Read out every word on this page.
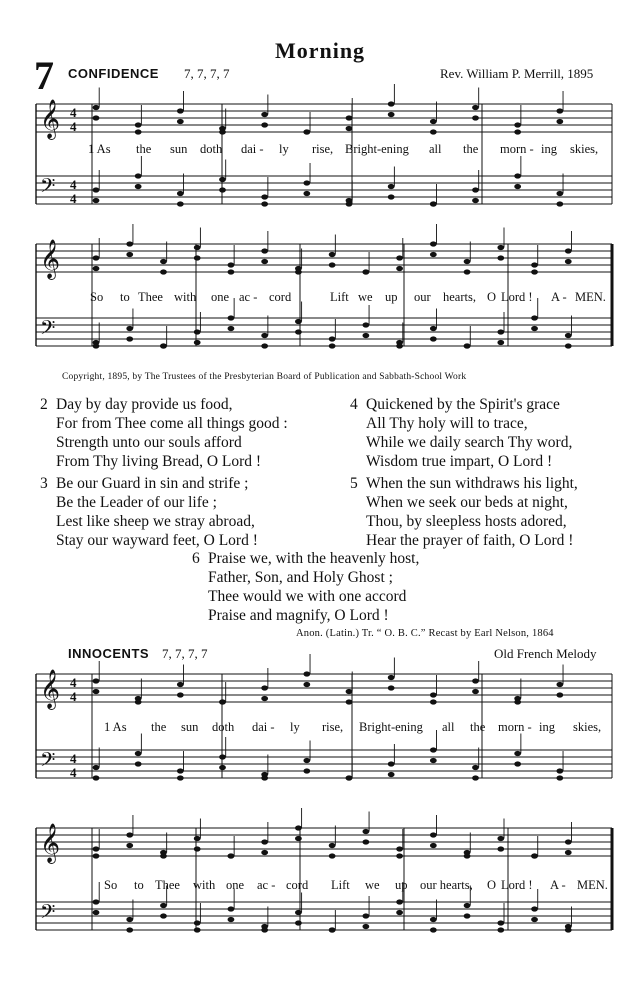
Morning
7 CONFIDENCE 7, 7, 7, 7	Rev. William P. Merrill, 1895
𝄞
𝄢
4
4
4
4
𝄞
𝄢
𝄞
𝄢
4
4
4
4
𝄞
𝄢
1 As the sun doth dai - ly rise, Bright-ening all the morn - ing skies,
So to Thee with one ac - cord	Lift we up our hearts, O Lord ! A - MEN.
Copyright, 1895, by The Trustees of the Presbyterian Board of Publication and Sabbath-School Work
2 Day by day provide us food,
For from Thee come all things good :
Strength unto our souls afford
From Thy living Bread, O Lord !
3 Be our Guard in sin and strife ;
Be the Leader of our life ;
Lest like sheep we stray abroad,
Stay our wayward feet, O Lord !
4 Quickened by the Spirit's grace
All Thy holy will to trace,
While we daily search Thy word,
Wisdom true impart, O Lord !
5 When the sun withdraws his light,
When we seek our beds at night,
Thou, by sleepless hosts adored,
Hear the prayer of faith, O Lord !
6 Praise we, with the heavenly host,
Father, Son, and Holy Ghost ;
Thee would we with one accord
Praise and magnify, O Lord !
Anon. (Latin.) Tr. “ O. B. C.” Recast by Earl Nelson, 1864
INNOCENTS 7, 7, 7, 7	Old French Melody
1 As the sun doth dai - ly rise, Bright-ening all the morn - ing skies,
So to Thee with one ac - cord Lift we up our hearts, O Lord ! A - MEN.
